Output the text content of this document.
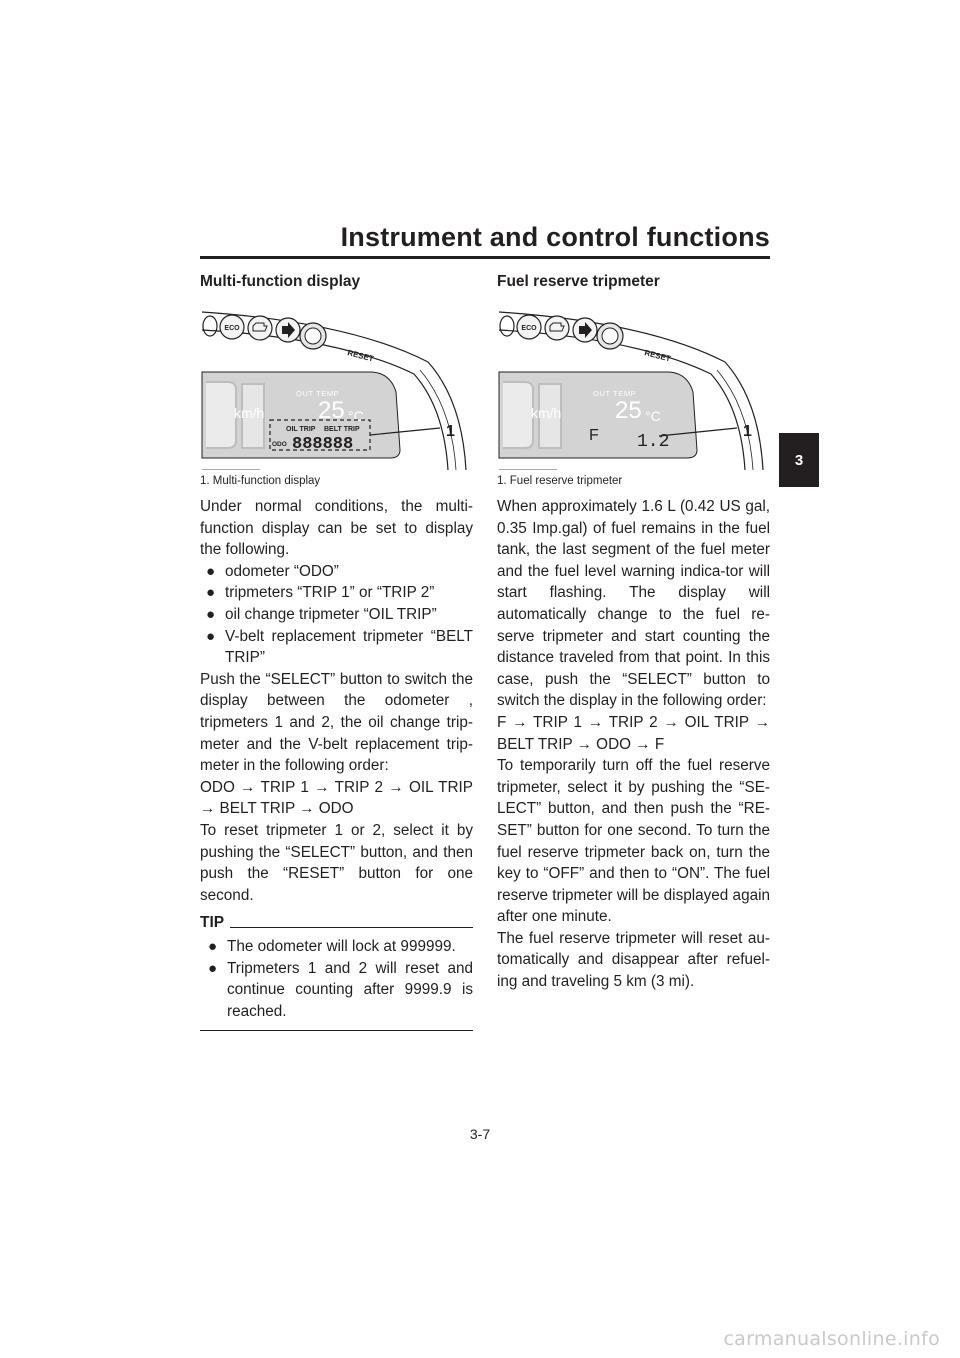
Instrument and control functions
3
Multi-function display
ECO
RESET
km/h
OUT TEMP
25 °C
OIL TRIP BELT TRIP
ODO 888888
1
1. Multi-function display

Under normal conditions, the multi-function display can be set to display the following.

● odometer “ODO”
● tripmeters “TRIP 1” or “TRIP 2”
● oil change tripmeter “OIL TRIP”
● V-belt replacement tripmeter “BELT TRIP”

Push the “SELECT” button to switch the display between the odometer , tripmeters 1 and 2, the oil change trip-meter and the V-belt replacement trip-meter in the following order:

ODO → TRIP 1 → TRIP 2 → OIL TRIP → BELT TRIP → ODO

To reset tripmeter 1 or 2, select it by pushing the “SELECT” button, and then push the “RESET” button for one second.

TIP
● The odometer will lock at 999999.
● Tripmeters 1 and 2 will reset and continue counting after 9999.9 is reached.
Fuel reserve tripmeter
ECO
RESET
km/h
OUT TEMP
25 °C
F 1.2
1
1. Fuel reserve tripmeter

When approximately 1.6 L (0.42 US gal, 0.35 Imp.gal) of fuel remains in the fuel tank, the last segment of the fuel meter and the fuel level warning indica-tor will start flashing. The display will automatically change to the fuel re-serve tripmeter and start counting the distance traveled from that point. In this case, push the “SELECT” button to switch the display in the following order:

F → TRIP 1 → TRIP 2 → OIL TRIP → BELT TRIP → ODO → F

To temporarily turn off the fuel reserve tripmeter, select it by pushing the “SE-LECT” button, and then push the “RE-SET” button for one second. To turn the fuel reserve tripmeter back on, turn the key to “OFF” and then to “ON”. The fuel reserve tripmeter will be displayed again after one minute.

The fuel reserve tripmeter will reset au-tomatically and disappear after refuel-ing and traveling 5 km (3 mi).

3-7
carmanualsonline.info
